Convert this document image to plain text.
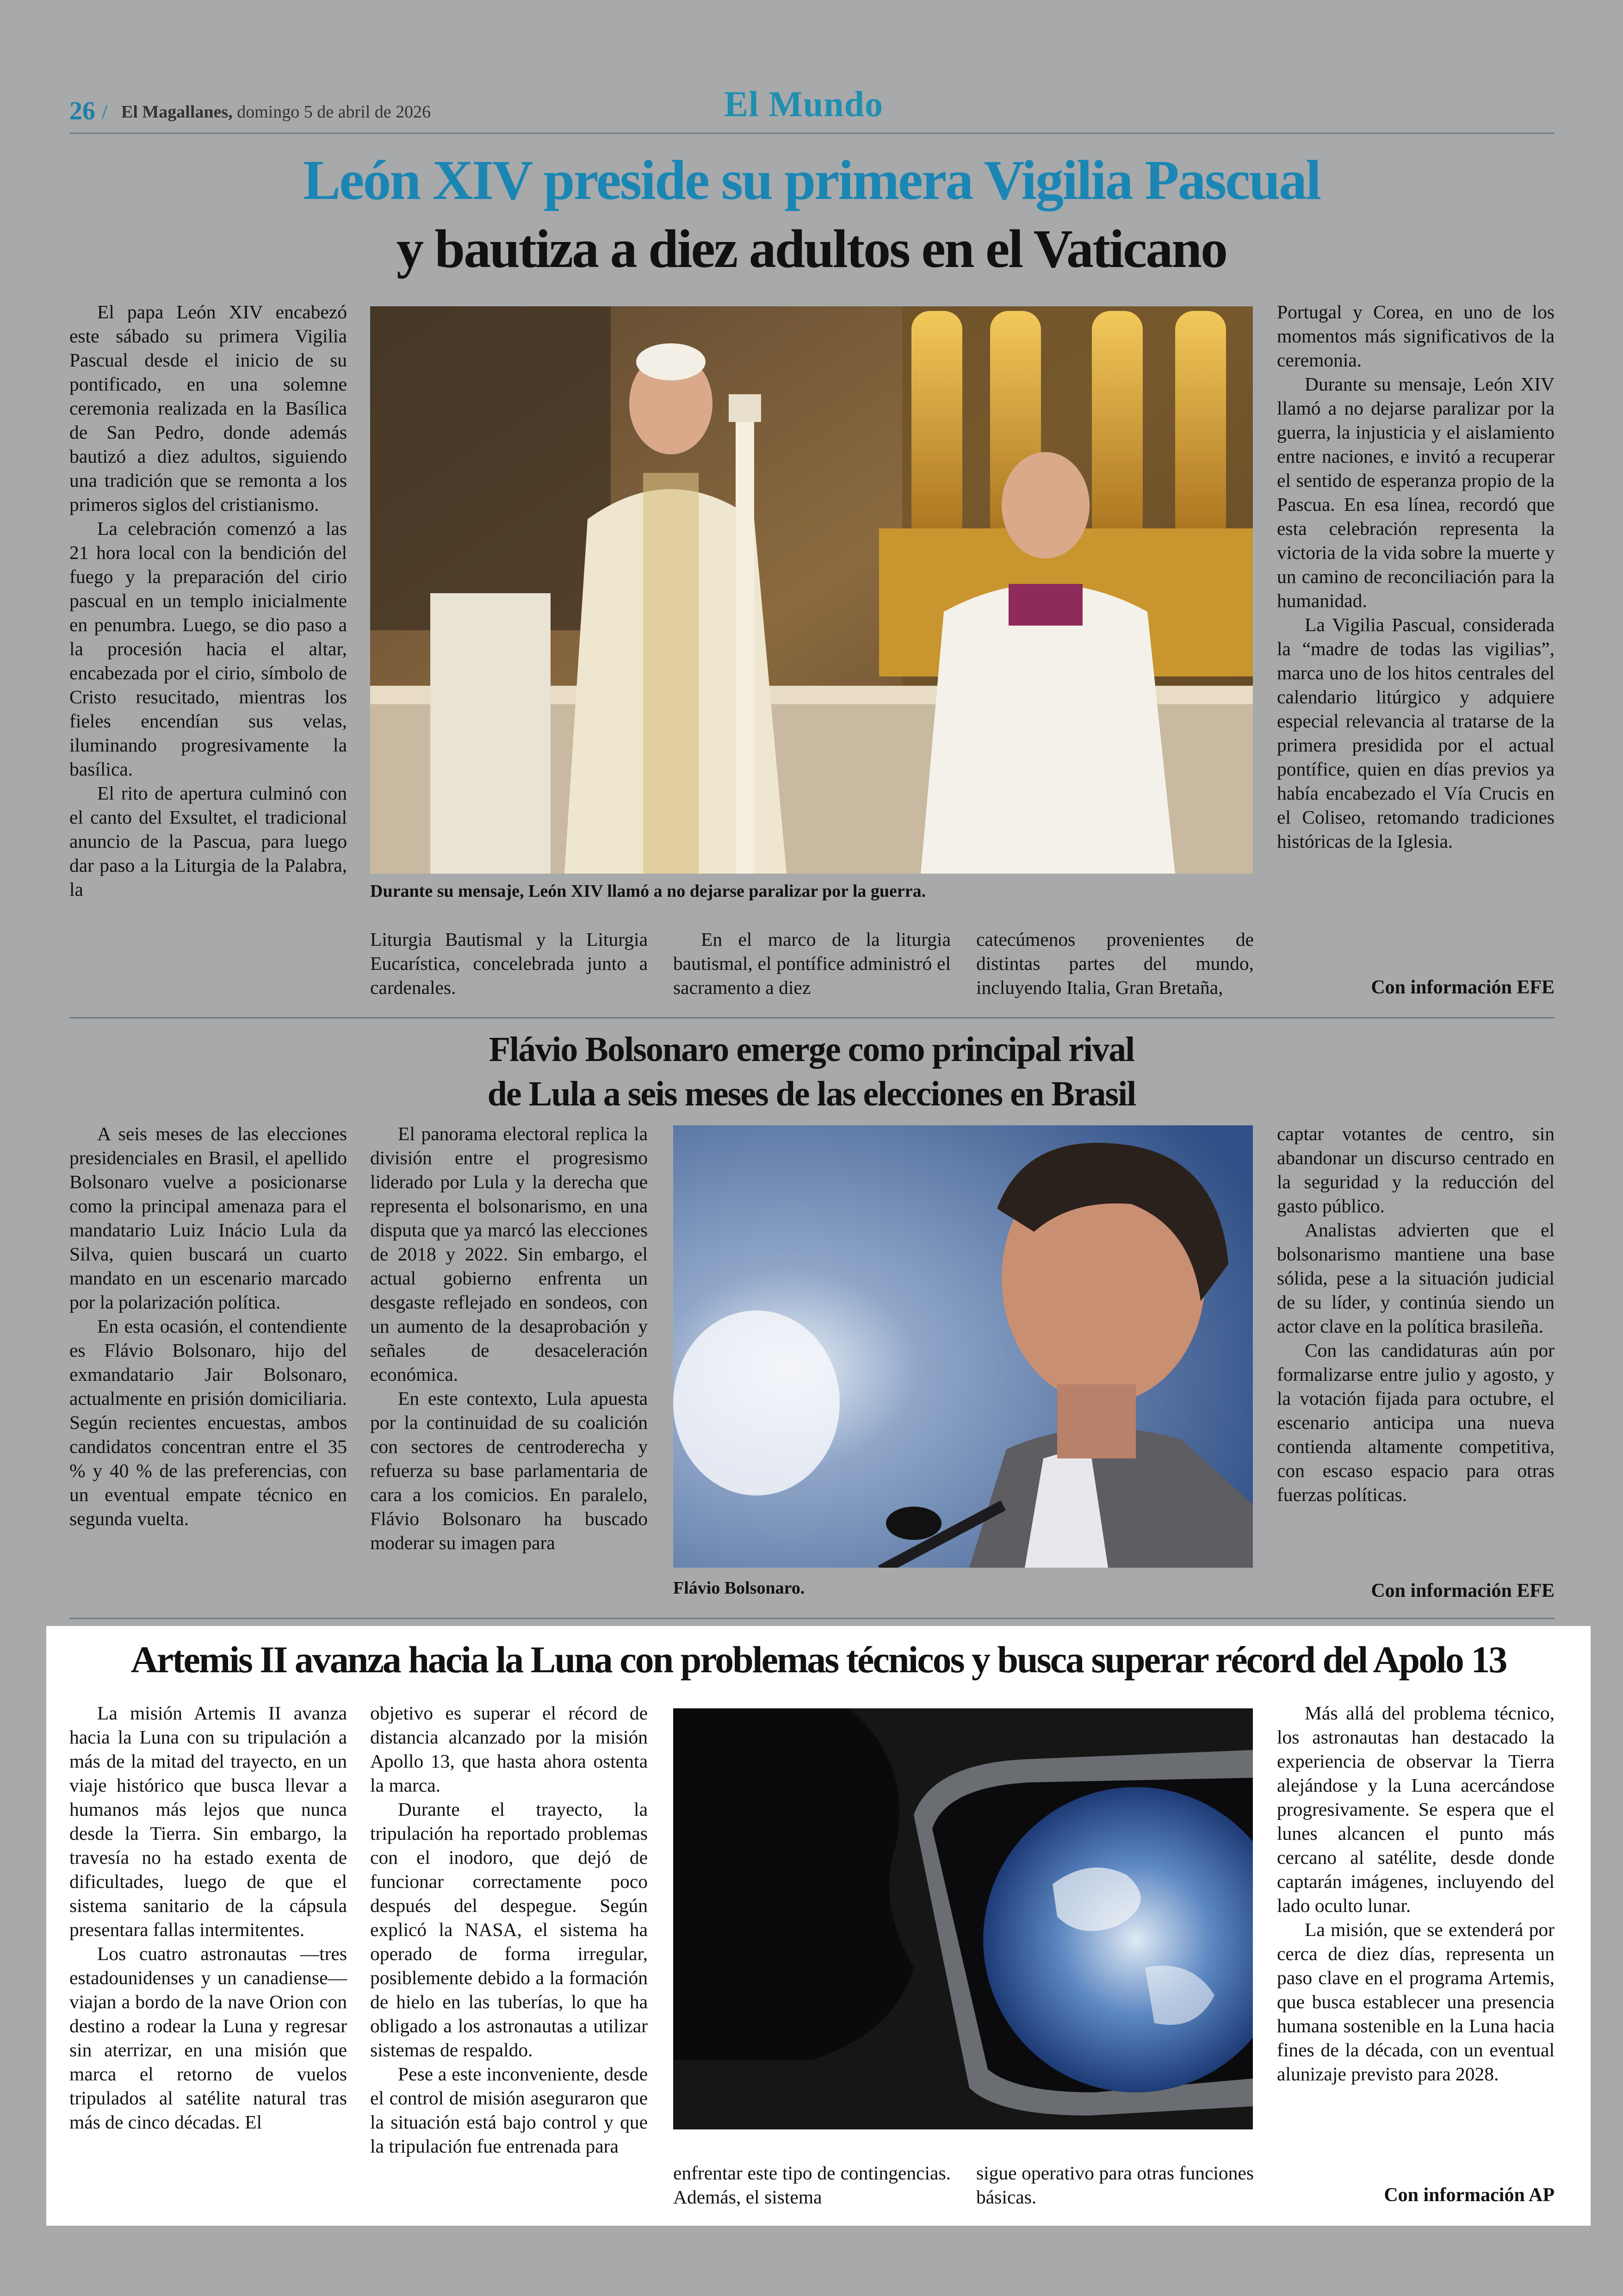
26 / El Magallanes, domingo 5 de abril de 2026	El Mundo
León XIV preside su primera Vigilia Pascual
y bautiza a diez adultos en el Vaticano

El papa León XIV encabezó este sábado su primera Vigilia Pascual desde el inicio de su pontificado, en una solemne ceremonia realizada en la Basílica de San Pedro, donde además bautizó a diez adultos, siguiendo una tradición que se remonta a los primeros siglos del cristianismo.

La celebración comenzó a las 21 hora local con la bendición del fuego y la preparación del cirio pascual en un templo inicialmente en penumbra. Luego, se dio paso a la procesión hacia el altar, encabezada por el cirio, símbolo de Cristo resucitado, mientras los fieles encendían sus velas, iluminando progresivamente la basílica.

El rito de apertura culminó con el canto del Exsultet, el tradicional anuncio de la Pascua, para luego dar paso a la Liturgia de la Palabra, la	Durante su mensaje, León XIV llamó a no dejarse paralizar por la guerra.

Liturgia Bautismal y la Liturgia Eucarística, concelebrada junto a cardenales.

En el marco de la liturgia bautismal, el pontífice administró el sacramento a diez

catecúmenos provenientes de distintas partes del mundo, incluyendo Italia, Gran Bretaña,

Portugal y Corea, en uno de los momentos más significativos de la ceremonia.

Durante su mensaje, León XIV llamó a no dejarse paralizar por la guerra, la injusticia y el aislamiento entre naciones, e invitó a recuperar el sentido de esperanza propio de la Pascua. En esa línea, recordó que esta celebración representa la victoria de la vida sobre la muerte y un camino de reconciliación para la humanidad.

La Vigilia Pascual, considerada la “madre de todas las vigilias”, marca uno de los hitos centrales del calendario litúrgico y adquiere especial relevancia al tratarse de la primera presidida por el actual pontífice, quien en días previos ya había encabezado el Vía Crucis en el Coliseo, retomando tradiciones históricas de la Iglesia.

Con información EFE
Flávio Bolsonaro emerge como principal rival
de Lula a seis meses de las elecciones en Brasil

A seis meses de las elecciones presidenciales en Brasil, el apellido Bolsonaro vuelve a posicionarse como la principal amenaza para el mandatario Luiz Inácio Lula da Silva, quien buscará un cuarto mandato en un escenario marcado por la polarización política.

En esta ocasión, el contendiente es Flávio Bolsonaro, hijo del exmandatario Jair Bolsonaro, actualmente en prisión domiciliaria. Según recientes encuestas, ambos candidatos concentran entre el 35 % y 40 % de las preferencias, con un eventual empate técnico en segunda vuelta.

El panorama electoral replica la división entre el progresismo liderado por Lula y la derecha que representa el bolsonarismo, en una disputa que ya marcó las elecciones de 2018 y 2022. Sin embargo, el actual gobierno enfrenta un desgaste reflejado en sondeos, con un aumento de la desaprobación y señales de desaceleración económica.

En este contexto, Lula apuesta por la continuidad de su coalición con sectores de centroderecha y refuerza su base parlamentaria de cara a los comicios. En paralelo, Flávio Bolsonaro ha buscado moderar su imagen para

Flávio Bolsonaro.

captar votantes de centro, sin abandonar un discurso centrado en la seguridad y la reducción del gasto público.

Analistas advierten que el bolsonarismo mantiene una base sólida, pese a la situación judicial de su líder, y continúa siendo un actor clave en la política brasileña.

Con las candidaturas aún por formalizarse entre julio y agosto, y la votación fijada para octubre, el escenario anticipa una nueva contienda altamente competitiva, con escaso espacio para otras fuerzas políticas.

Con información EFE
Artemis II avanza hacia la Luna con problemas técnicos y busca superar récord del Apolo 13

La misión Artemis II avanza hacia la Luna con su tripulación a más de la mitad del trayecto, en un viaje histórico que busca llevar a humanos más lejos que nunca desde la Tierra. Sin embargo, la travesía no ha estado exenta de dificultades, luego de que el sistema sanitario de la cápsula presentara fallas intermitentes.

Los cuatro astronautas —tres estadounidenses y un canadiense— viajan a bordo de la nave Orion con destino a rodear la Luna y regresar sin aterrizar, en una misión que marca el retorno de vuelos tripulados al satélite natural tras más de cinco décadas. El

objetivo es superar el récord de distancia alcanzado por la misión Apollo 13, que hasta ahora ostenta la marca.

Durante el trayecto, la tripulación ha reportado problemas con el inodoro, que dejó de funcionar correctamente poco después del despegue. Según explicó la NASA, el sistema ha operado de forma irregular, posiblemente debido a la formación de hielo en las tuberías, lo que ha obligado a los astronautas a utilizar sistemas de respaldo.

Pese a este inconveniente, desde el control de misión aseguraron que la situación está bajo control y que la tripulación fue entrenada para

enfrentar este tipo de contingencias. Además, el sistema

sigue operativo para otras funciones básicas.

Más allá del problema técnico, los astronautas han destacado la experiencia de observar la Tierra alejándose y la Luna acercándose progresivamente. Se espera que el lunes alcancen el punto más cercano al satélite, desde donde captarán imágenes, incluyendo del lado oculto lunar.

La misión, que se extenderá por cerca de diez días, representa un paso clave en el programa Artemis, que busca establecer una presencia humana sostenible en la Luna hacia fines de la década, con un eventual alunizaje previsto para 2028.

Con información AP
